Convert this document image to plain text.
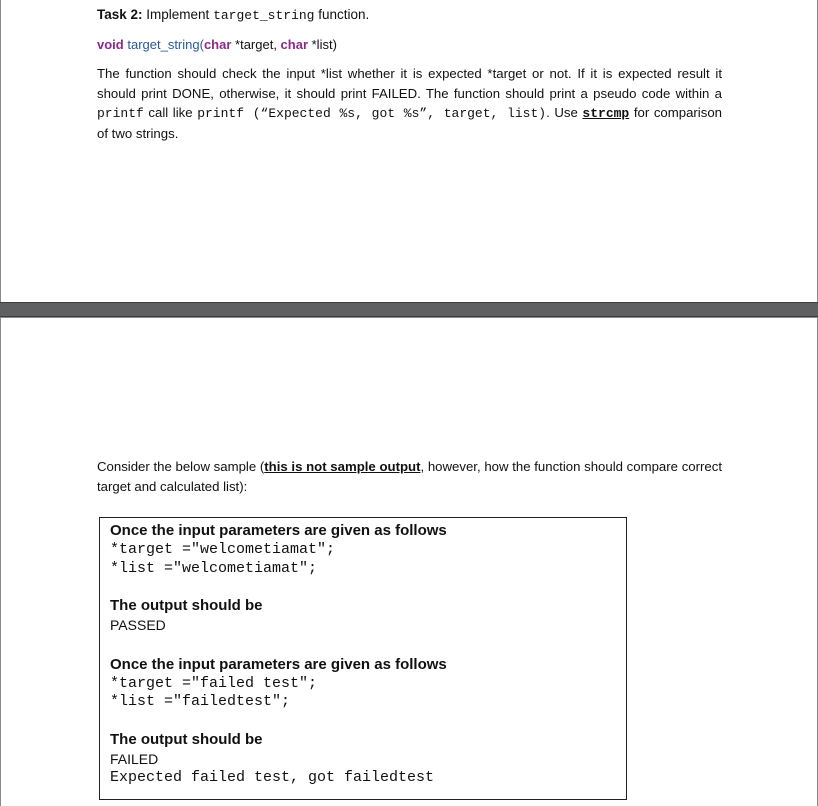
Task 2: Implement target_string function.
void target_string(char *target, char *list)
The function should check the input *list whether it is expected *target or not. If it is expected result it should print DONE, otherwise, it should print FAILED. The function should print a pseudo code within a printf call like printf (“Expected %s, got %s”, target, list). Use strcmp for comparison of two strings.
Consider the below sample (this is not sample output, however, how the function should compare correct target and calculated list):
Once the input parameters are given as follows
*target ="welcometiamat";
*list ="welcometiamat";
The output should be
PASSED
Once the input parameters are given as follows
*target ="failed test";
*list ="failedtest";
The output should be
FAILED
Expected failed test, got failedtest
